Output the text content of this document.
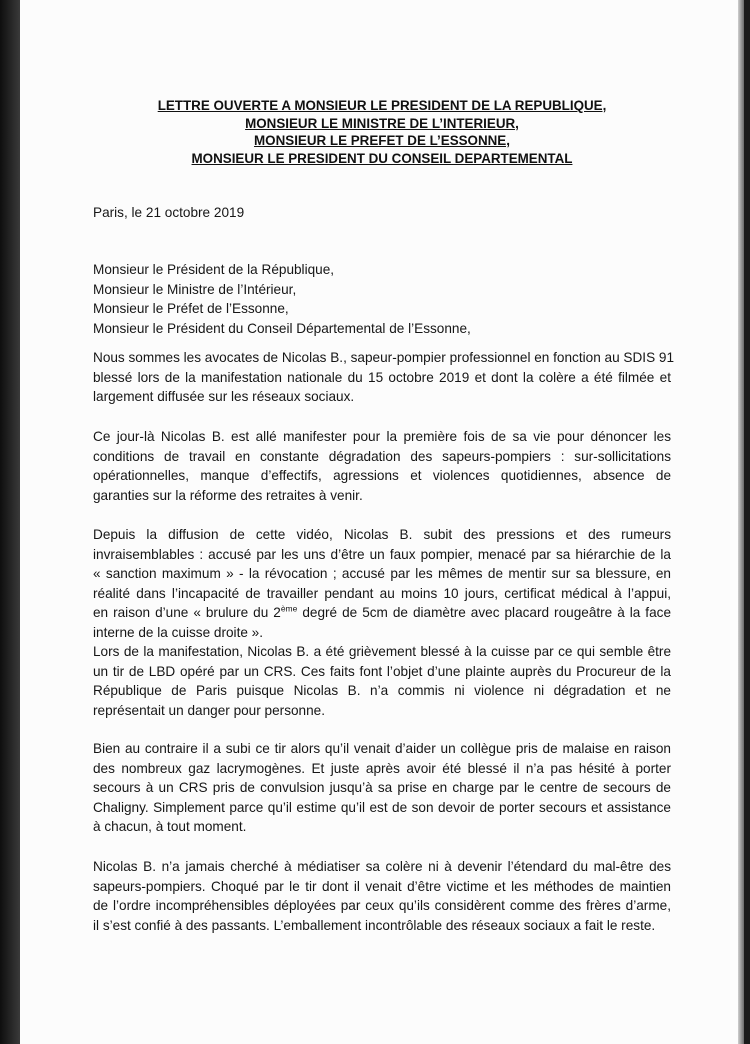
LETTRE OUVERTE A MONSIEUR LE PRESIDENT DE LA REPUBLIQUE,
MONSIEUR LE MINISTRE DE L’INTERIEUR,
MONSIEUR LE PREFET DE L’ESSONNE,
MONSIEUR LE PRESIDENT DU CONSEIL DEPARTEMENTAL
Paris, le 21 octobre 2019
Monsieur le Président de la République,
Monsieur le Ministre de l’Intérieur,
Monsieur le Préfet de l’Essonne,
Monsieur le Président du Conseil Départemental de l’Essonne,
Nous sommes les avocates de Nicolas B., sapeur-pompier professionnel en fonction au SDIS 91
blessé lors de la manifestation nationale du 15 octobre 2019 et dont la colère a été filmée et
largement diffusée sur les réseaux sociaux.
Ce jour-là Nicolas B. est allé manifester pour la première fois de sa vie pour dénoncer les
conditions de travail en constante dégradation des sapeurs-pompiers : sur-sollicitations
opérationnelles, manque d’effectifs, agressions et violences quotidiennes, absence de
garanties sur la réforme des retraites à venir.
Depuis la diffusion de cette vidéo, Nicolas B. subit des pressions et des rumeurs
invraisemblables : accusé par les uns d’être un faux pompier, menacé par sa hiérarchie de la
« sanction maximum » - la révocation ; accusé par les mêmes de mentir sur sa blessure, en
réalité dans l’incapacité de travailler pendant au moins 10 jours, certificat médical à l’appui,
en raison d’une « brulure du 2ème degré de 5cm de diamètre avec placard rougeâtre à la face
interne de la cuisse droite ».
Lors de la manifestation, Nicolas B. a été grièvement blessé à la cuisse par ce qui semble être
un tir de LBD opéré par un CRS. Ces faits font l’objet d’une plainte auprès du Procureur de la
République de Paris puisque Nicolas B. n’a commis ni violence ni dégradation et ne
représentait un danger pour personne.
Bien au contraire il a subi ce tir alors qu’il venait d’aider un collègue pris de malaise en raison
des nombreux gaz lacrymogènes. Et juste après avoir été blessé il n’a pas hésité à porter
secours à un CRS pris de convulsion jusqu’à sa prise en charge par le centre de secours de
Chaligny. Simplement parce qu’il estime qu’il est de son devoir de porter secours et assistance
à chacun, à tout moment.
Nicolas B. n’a jamais cherché à médiatiser sa colère ni à devenir l’étendard du mal-être des
sapeurs-pompiers. Choqué par le tir dont il venait d’être victime et les méthodes de maintien
de l’ordre incompréhensibles déployées par ceux qu’ils considèrent comme des frères d’arme,
il s’est confié à des passants. L’emballement incontrôlable des réseaux sociaux a fait le reste.
